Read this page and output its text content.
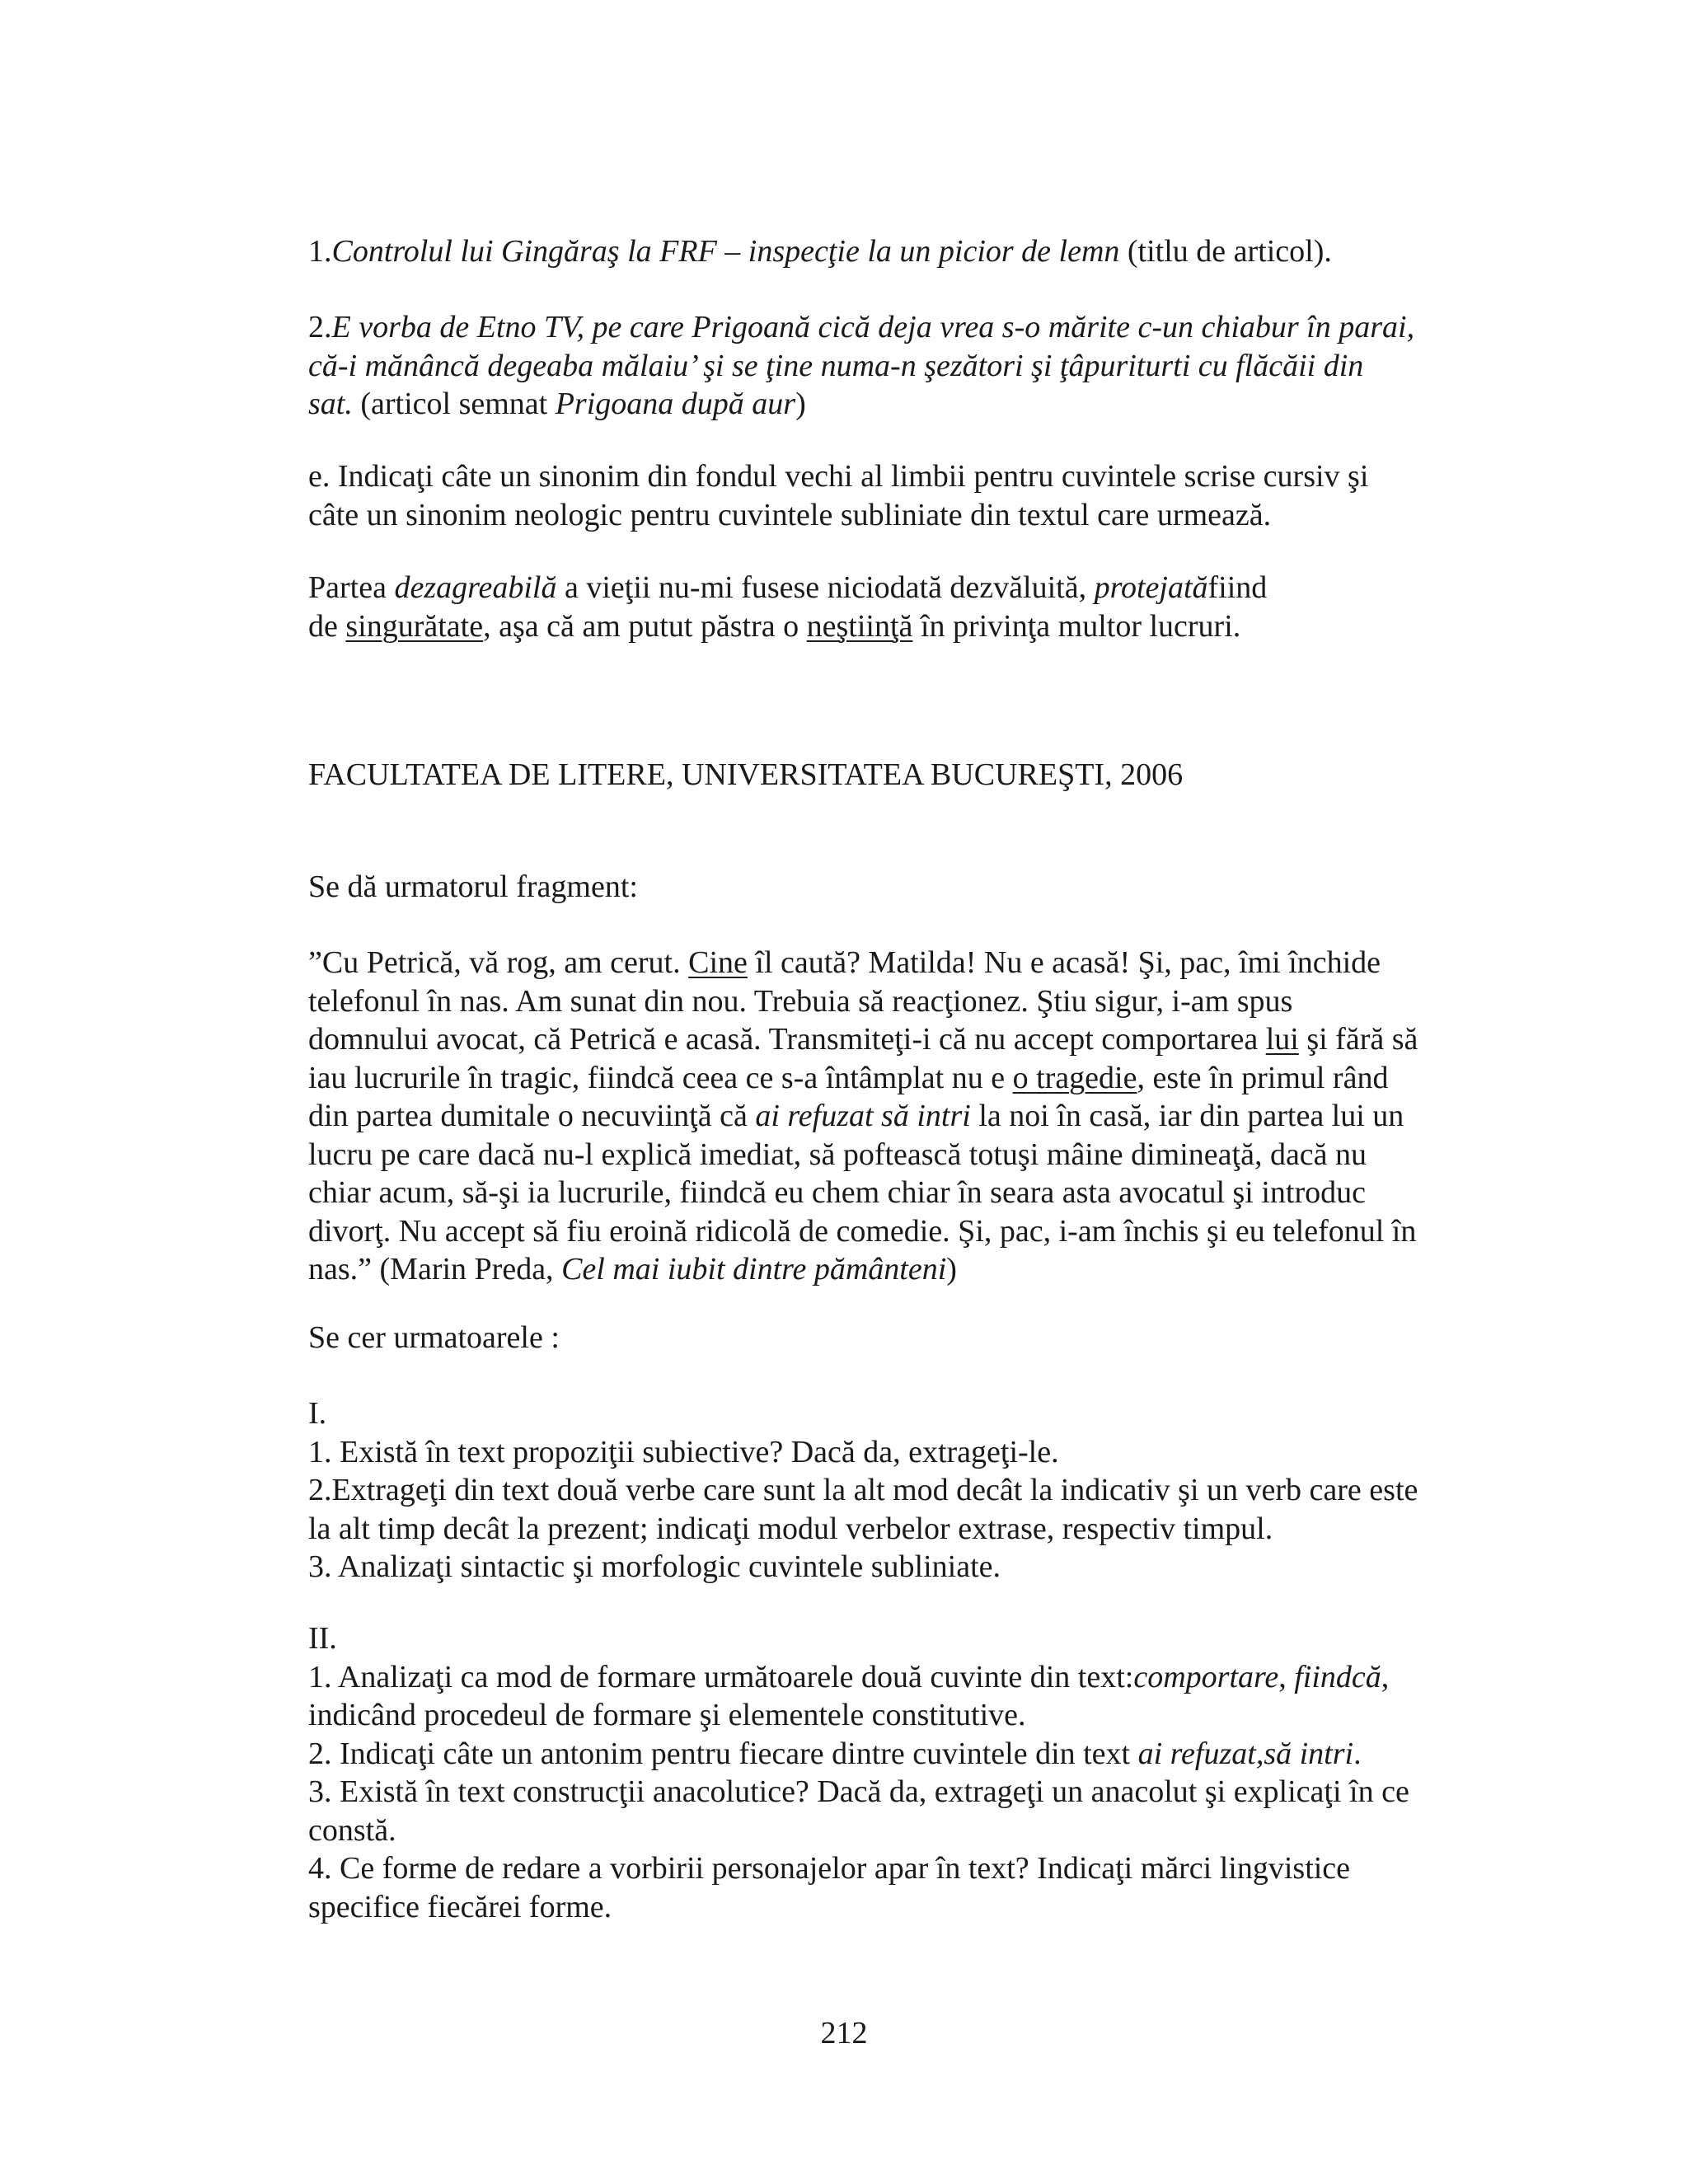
1.Controlul lui Gingăraş la FRF – inspecţie la un picior de lemn (titlu de articol).
2.E vorba de Etno TV, pe care Prigoană cică deja vrea s-o mărite c-un chiabur în parai,
că-i mănâncă degeaba mălaiu’ şi se ţine numa-n şezători şi ţâpuriturti cu flăcăii din
sat. (articol semnat Prigoana după aur)
e. Indicaţi câte un sinonim din fondul vechi al limbii pentru cuvintele scrise cursiv şi
câte un sinonim neologic pentru cuvintele subliniate din textul care urmează.
Partea dezagreabilă a vieţii nu-mi fusese niciodată dezvăluită, protejatăfiind
de singurătate, aşa că am putut păstra o neştiinţă în privinţa multor lucruri.
FACULTATEA DE LITERE, UNIVERSITATEA BUCUREŞTI, 2006
Se dă urmatorul fragment:
”Cu Petrică, vă rog, am cerut. Cine îl caută? Matilda! Nu e acasă! Şi, pac, îmi închide
telefonul în nas. Am sunat din nou. Trebuia să reacţionez. Ştiu sigur, i-am spus
domnului avocat, că Petrică e acasă. Transmiteţi-i că nu accept comportarea lui şi fără să
iau lucrurile în tragic, fiindcă ceea ce s-a întâmplat nu e o tragedie, este în primul rând
din partea dumitale o necuviinţă că ai refuzat să intri la noi în casă, iar din partea lui un
lucru pe care dacă nu-l explică imediat, să poftească totuşi mâine dimineaţă, dacă nu
chiar acum, să-şi ia lucrurile, fiindcă eu chem chiar în seara asta avocatul şi introduc
divorţ. Nu accept să fiu eroină ridicolă de comedie. Şi, pac, i-am închis şi eu telefonul în
nas.” (Marin Preda, Cel mai iubit dintre pământeni)
Se cer urmatoarele :
I.
1. Există în text propoziţii subiective? Dacă da, extrageţi-le.
2.Extrageţi din text două verbe care sunt la alt mod decât la indicativ şi un verb care este
la alt timp decât la prezent; indicaţi modul verbelor extrase, respectiv timpul.
3. Analizaţi sintactic şi morfologic cuvintele subliniate.
II.
1. Analizaţi ca mod de formare următoarele două cuvinte din text:comportare, fiindcă,
indicând procedeul de formare şi elementele constitutive.
2. Indicaţi câte un antonim pentru fiecare dintre cuvintele din text ai refuzat,să intri.
3. Există în text construcţii anacolutice? Dacă da, extrageţi un anacolut şi explicaţi în ce
constă.
4. Ce forme de redare a vorbirii personajelor apar în text? Indicaţi mărci lingvistice
specifice fiecărei forme.
212
